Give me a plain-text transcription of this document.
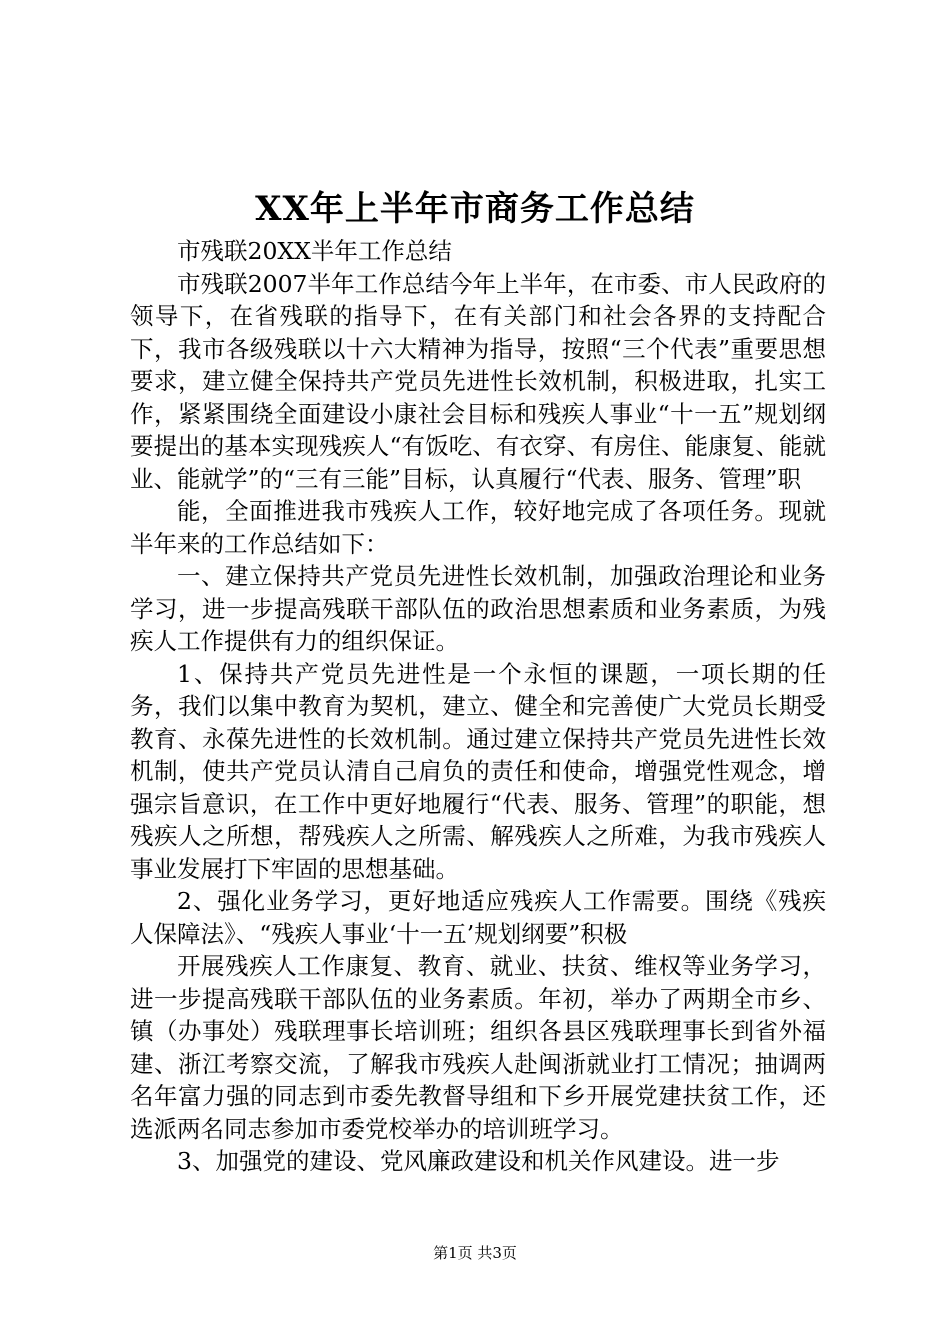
XX年上半年市商务工作总结

市残联20XX半年工作总结

市残联2007半年工作总结今年上半年，在市委、市人民政府的领导下，在省残联的指导下，在有关部门和社会各界的支持配合下，我市各级残联以十六大精神为指导，按照“三个代表”重要思想要求，建立健全保持共产党员先进性长效机制，积极进取，扎实工作，紧紧围绕全面建设小康社会目标和残疾人事业“十一五”规划纲要提出的基本实现残疾人“有饭吃、有衣穿、有房住、能康复、能就业、能就学”的“三有三能”目标，认真履行“代表、服务、管理”职

能，全面推进我市残疾人工作，较好地完成了各项任务。现就半年来的工作总结如下：

一、建立保持共产党员先进性长效机制，加强政治理论和业务学习，进一步提高残联干部队伍的政治思想素质和业务素质，为残疾人工作提供有力的组织保证。

1、保持共产党员先进性是一个永恒的课题，一项长期的任务，我们以集中教育为契机，建立、健全和完善使广大党员长期受教育、永葆先进性的长效机制。通过建立保持共产党员先进性长效机制，使共产党员认清自己肩负的责任和使命，增强党性观念，增强宗旨意识，在工作中更好地履行“代表、服务、管理”的职能，想残疾人之所想，帮残疾人之所需、解残疾人之所难，为我市残疾人事业发展打下牢固的思想基础。

2、强化业务学习，更好地适应残疾人工作需要。围绕《残疾人保障法》、“残疾人事业‘十一五’规划纲要”积极

开展残疾人工作康复、教育、就业、扶贫、维权等业务学习，进一步提高残联干部队伍的业务素质。年初，举办了两期全市乡、镇（办事处）残联理事长培训班；组织各县区残联理事长到省外福建、浙江考察交流，了解我市残疾人赴闽浙就业打工情况；抽调两名年富力强的同志到市委先教督导组和下乡开展党建扶贫工作，还选派两名同志参加市委党校举办的培训班学习。

3、加强党的建设、党风廉政建设和机关作风建设。进一步

第1页 共3页
